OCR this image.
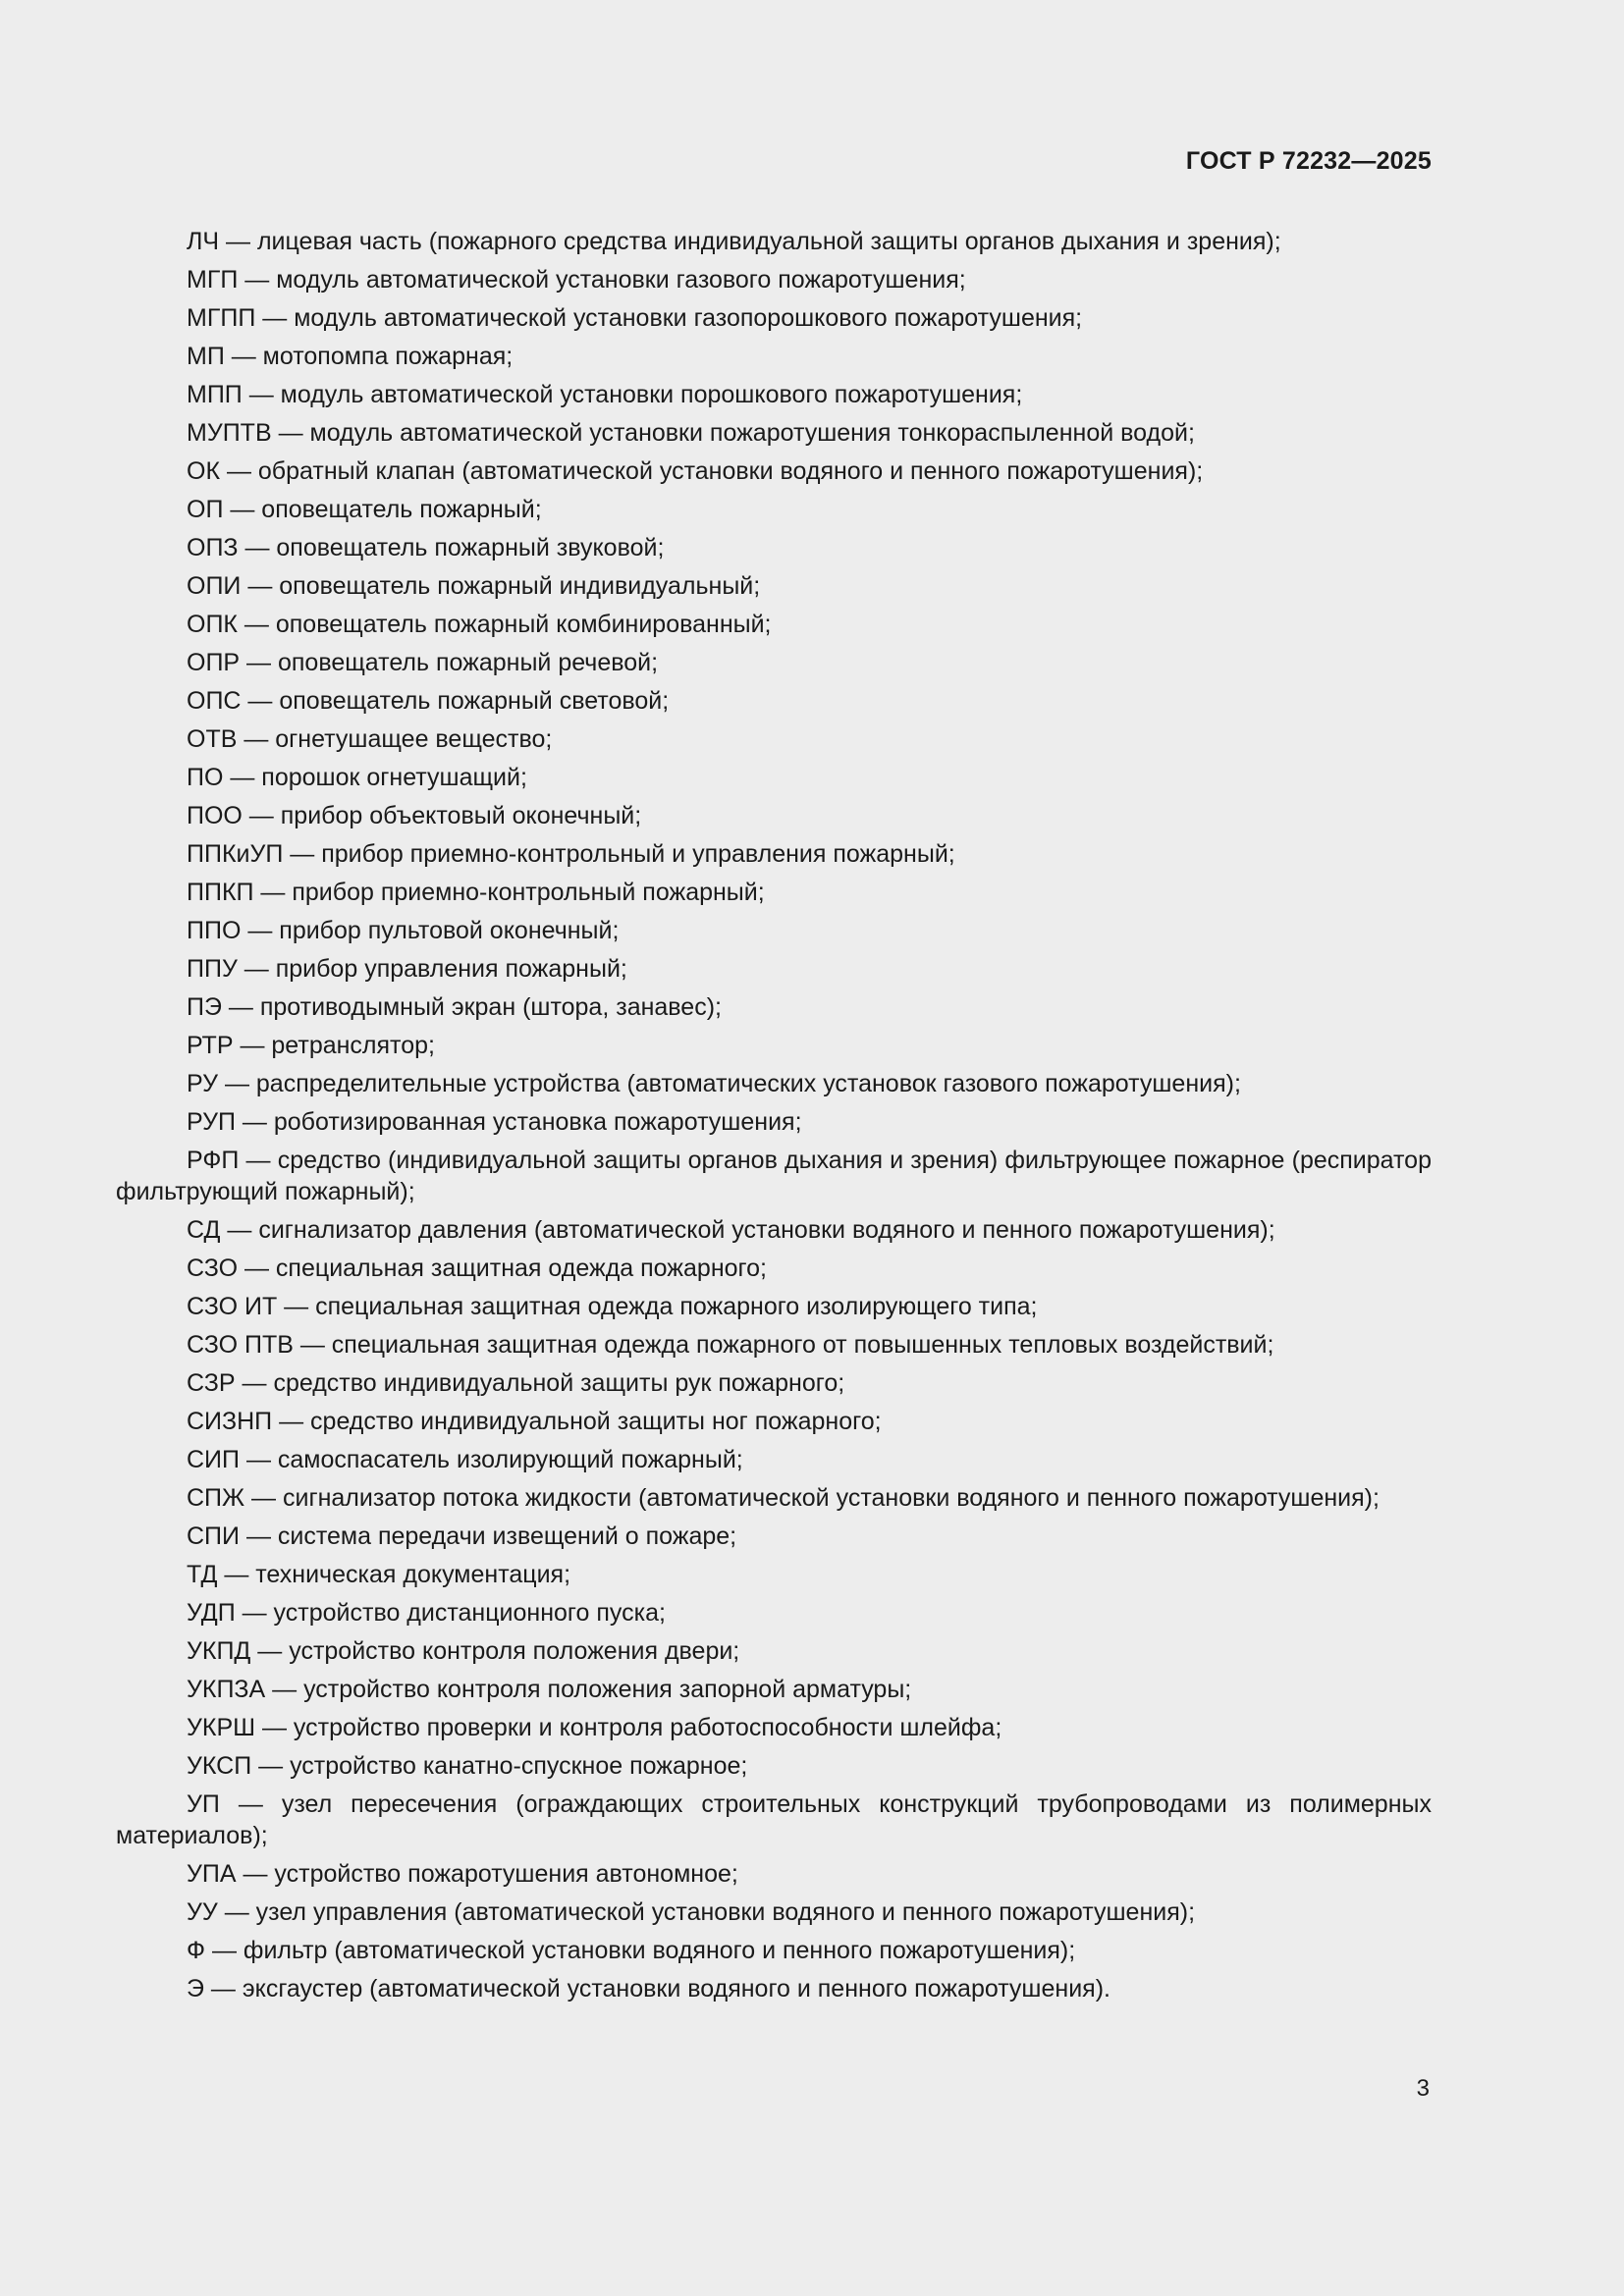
ГОСТ Р 72232—2025

ЛЧ — лицевая часть (пожарного средства индивидуальной защиты органов дыхания и зрения);

МГП — модуль автоматической установки газового пожаротушения;

МГПП — модуль автоматической установки газопорошкового пожаротушения;

МП — мотопомпа пожарная;

МПП — модуль автоматической установки порошкового пожаротушения;

МУПТВ — модуль автоматической установки пожаротушения тонкораспыленной водой;

ОК — обратный клапан (автоматической установки водяного и пенного пожаротушения);

ОП — оповещатель пожарный;

ОПЗ — оповещатель пожарный звуковой;

ОПИ — оповещатель пожарный индивидуальный;

ОПК — оповещатель пожарный комбинированный;

ОПР — оповещатель пожарный речевой;

ОПС — оповещатель пожарный световой;

ОТВ — огнетушащее вещество;

ПО — порошок огнетушащий;

ПОО — прибор объектовый оконечный;

ППКиУП — прибор приемно-контрольный и управления пожарный;

ППКП — прибор приемно-контрольный пожарный;

ППО — прибор пультовой оконечный;

ППУ — прибор управления пожарный;

ПЭ — противодымный экран (штора, занавес);

РТР — ретранслятор;

РУ — распределительные устройства (автоматических установок газового пожаротушения);

РУП — роботизированная установка пожаротушения;

РФП — средство (индивидуальной защиты органов дыхания и зрения) фильтрующее пожарное (респиратор фильтрующий пожарный);

СД — сигнализатор давления (автоматической установки водяного и пенного пожаротушения);

СЗО — специальная защитная одежда пожарного;

СЗО ИТ — специальная защитная одежда пожарного изолирующего типа;

СЗО ПТВ — специальная защитная одежда пожарного от повышенных тепловых воздействий;

СЗР — средство индивидуальной защиты рук пожарного;

СИЗНП — средство индивидуальной защиты ног пожарного;

СИП — самоспасатель изолирующий пожарный;

СПЖ — сигнализатор потока жидкости (автоматической установки водяного и пенного пожаротушения);

СПИ — система передачи извещений о пожаре;

ТД — техническая документация;

УДП — устройство дистанционного пуска;

УКПД — устройство контроля положения двери;

УКПЗА — устройство контроля положения запорной арматуры;

УКРШ — устройство проверки и контроля работоспособности шлейфа;

УКСП — устройство канатно-спускное пожарное;

УП — узел пересечения (ограждающих строительных конструкций трубопроводами из полимерных материалов);

УПА — устройство пожаротушения автономное;

УУ — узел управления (автоматической установки водяного и пенного пожаротушения);

Ф — фильтр (автоматической установки водяного и пенного пожаротушения);

Э — эксгаустер (автоматической установки водяного и пенного пожаротушения).

3
